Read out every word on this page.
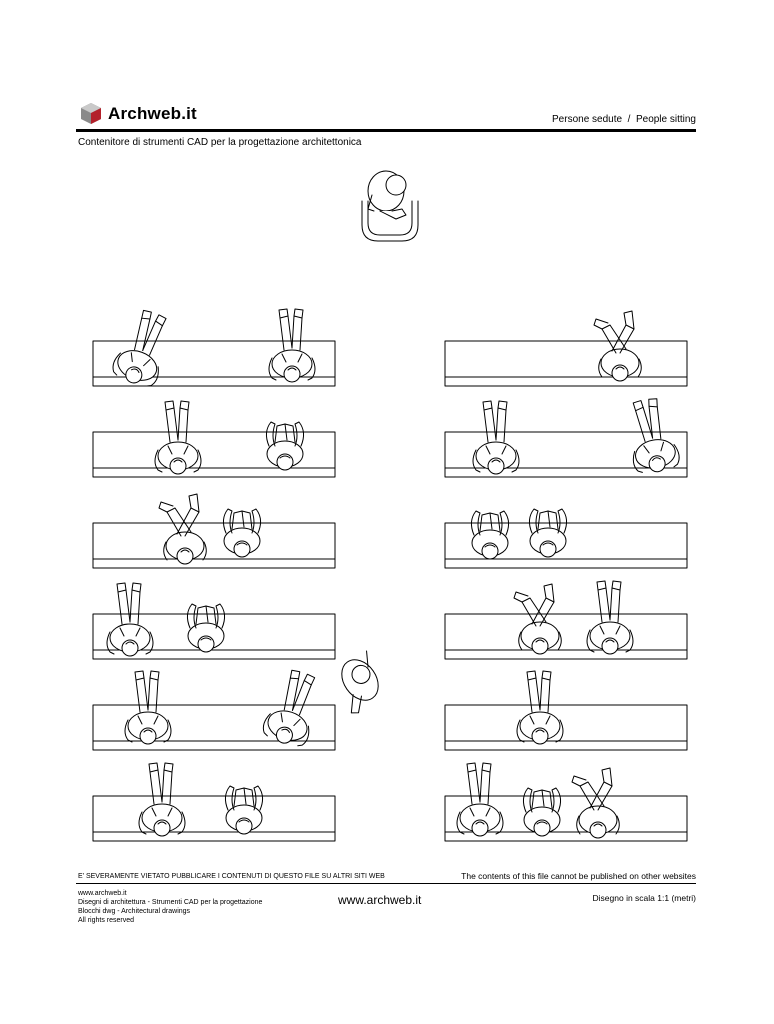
Archweb.it	Persone sedute  /  People sitting
Contenitore di strumenti CAD per la progettazione architettonica
E' SEVERAMENTE VIETATO PUBBLICARE I CONTENUTI DI QUESTO FILE SU ALTRI SITI WEB	The contents of this file cannot be published on other websites
www.archweb.it
Disegni di architettura - Strumenti CAD per la progettazione
Blocchi dwg - Architectural drawings
All rights reserved
www.archweb.it	Disegno in scala 1:1 (metri)
